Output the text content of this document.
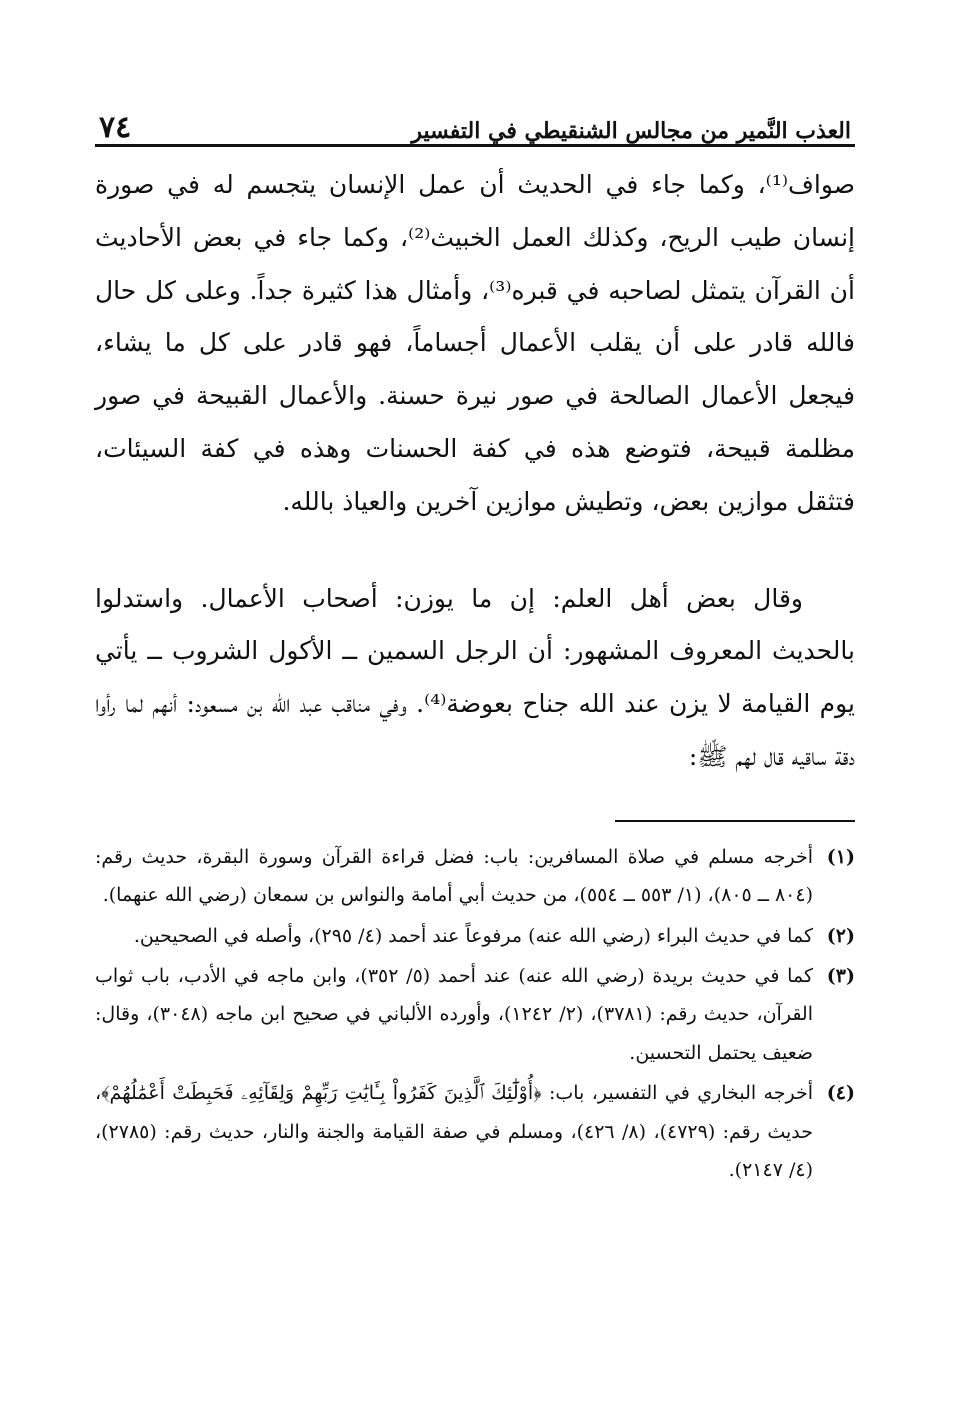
العذب النَّمير من مجالس الشنقيطي في التفسير
٧٤

صواف⁽¹⁾، وكما جاء في الحديث أن عمل الإنسان يتجسم له في صورة إنسان طيب الريح، وكذلك العمل الخبيث⁽²⁾، وكما جاء في بعض الأحاديث أن القرآن يتمثل لصاحبه في قبره⁽³⁾، وأمثال هذا كثيرة جداً. وعلى كل حال فالله قادر على أن يقلب الأعمال أجساماً، فهو قادر على كل ما يشاء، فيجعل الأعمال الصالحة في صور نيرة حسنة. والأعمال القبيحة في صور مظلمة قبيحة، فتوضع هذه في كفة الحسنات وهذه في كفة السيئات، فتثقل موازين بعض، وتطيش موازين آخرين والعياذ بالله.

وقال بعض أهل العلم: إن ما يوزن: أصحاب الأعمال. واستدلوا بالحديث المعروف المشهور: أن الرجل السمين ــ الأكول الشروب ــ يأتي يوم القيامة لا يزن عند الله جناح بعوضة⁽⁴⁾. وفي مناقب عبد الله بن مسعود: أنهم لما رأوا دقة ساقيه قال لهم ﷺ:

(١)
أخرجه مسلم في صلاة المسافرين: باب: فضل قراءة القرآن وسورة البقرة، حديث رقم: (٨٠٤ ــ ٨٠٥)، (١/ ٥٥٣ ــ ٥٥٤)، من حديث أبي أمامة والنواس بن سمعان (رضي الله عنهما).
(٢)
كما في حديث البراء (رضي الله عنه) مرفوعاً عند أحمد (٤/ ٢٩٥)، وأصله في الصحيحين.
(٣)
كما في حديث بريدة (رضي الله عنه) عند أحمد (٥/ ٣٥٢)، وابن ماجه في الأدب، باب ثواب القرآن، حديث رقم: (٣٧٨١)، (٢/ ١٢٤٢)، وأورده الألباني في صحيح ابن ماجه (٣٠٤٨)، وقال: ضعيف يحتمل التحسين.
(٤)
أخرجه البخاري في التفسير، باب: ﴿أُوْلَٰٓئِكَ ٱلَّذِينَ كَفَرُواْ بِـَٔايَٰتِ رَبِّهِمْ وَلِقَآئِهِۦ فَحَبِطَتْ أَعْمَٰلُهُمْ﴾، حديث رقم: (٤٧٢٩)، (٨/ ٤٢٦)، ومسلم في صفة القيامة والجنة والنار، حديث رقم: (٢٧٨٥)، (٤/ ٢١٤٧).
